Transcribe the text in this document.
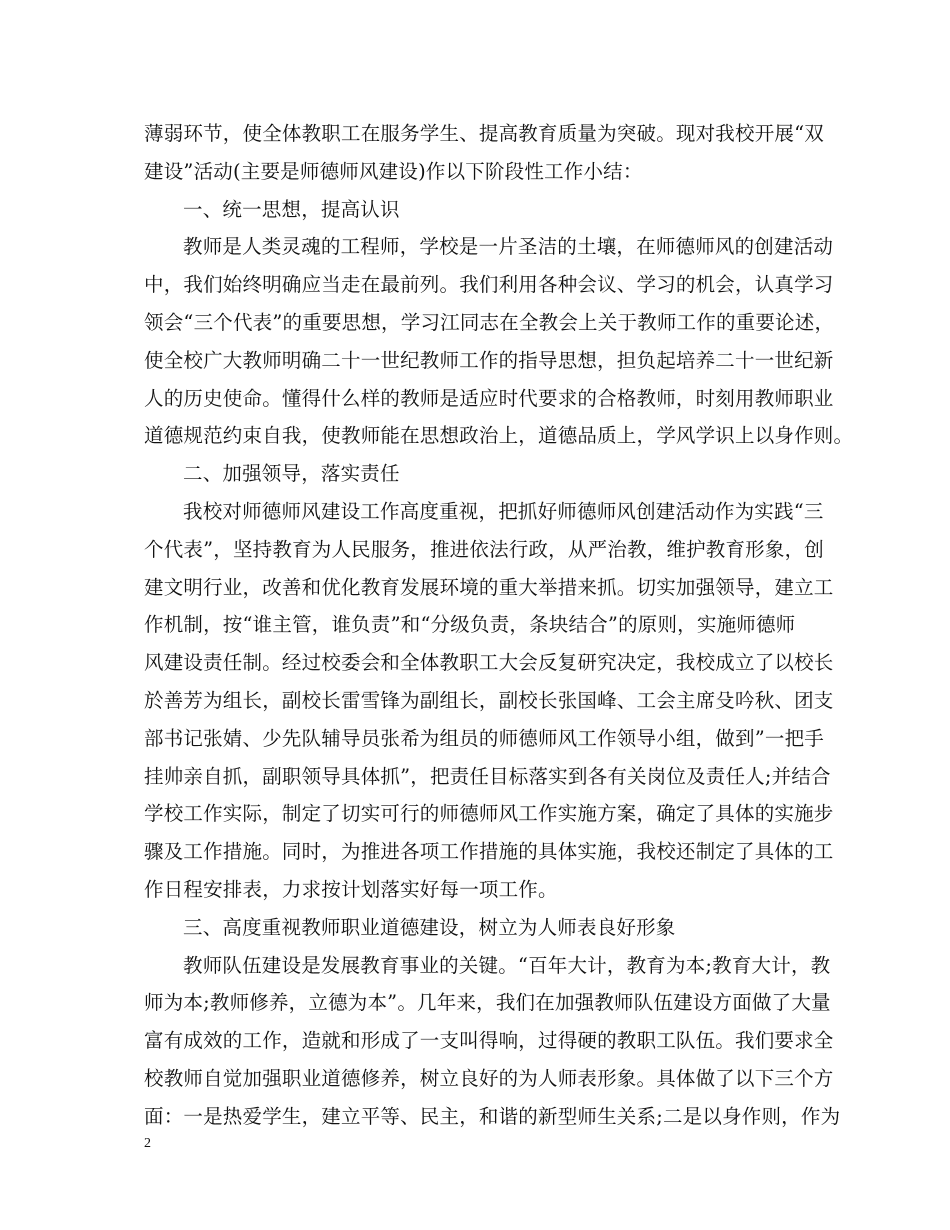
薄弱环节，使全体教职工在服务学生、提高教育质量为突破。现对我校开展“双
建设”活动(主要是师德师风建设)作以下阶段性工作小结：
一、统一思想，提高认识
教师是人类灵魂的工程师，学校是一片圣洁的土壤，在师德师风的创建活动
中，我们始终明确应当走在最前列。我们利用各种会议、学习的机会，认真学习
领会“三个代表”的重要思想，学习江同志在全教会上关于教师工作的重要论述，
使全校广大教师明确二十一世纪教师工作的指导思想，担负起培养二十一世纪新
人的历史使命。懂得什么样的教师是适应时代要求的合格教师，时刻用教师职业
道德规范约束自我，使教师能在思想政治上，道德品质上，学风学识上以身作则。
二、加强领导，落实责任
我校对师德师风建设工作高度重视，把抓好师德师风创建活动作为实践“三
个代表”，坚持教育为人民服务，推进依法行政，从严治教，维护教育形象，创
建文明行业，改善和优化教育发展环境的重大举措来抓。切实加强领导，建立工
作机制，按“谁主管，谁负责”和“分级负责，条块结合”的原则，实施师德师
风建设责任制。经过校委会和全体教职工大会反复研究决定，我校成立了以校长
於善芳为组长，副校长雷雪锋为副组长，副校长张国峰、工会主席殳吟秋、团支
部书记张婧、少先队辅导员张希为组员的师德师风工作领导小组，做到”一把手
挂帅亲自抓，副职领导具体抓”，把责任目标落实到各有关岗位及责任人;并结合
学校工作实际，制定了切实可行的师德师风工作实施方案，确定了具体的实施步
骤及工作措施。同时，为推进各项工作措施的具体实施，我校还制定了具体的工
作日程安排表，力求按计划落实好每一项工作。
三、高度重视教师职业道德建设，树立为人师表良好形象
教师队伍建设是发展教育事业的关键。“百年大计，教育为本;教育大计，教
师为本;教师修养，立德为本”。几年来，我们在加强教师队伍建设方面做了大量
富有成效的工作，造就和形成了一支叫得响，过得硬的教职工队伍。我们要求全
校教师自觉加强职业道德修养，树立良好的为人师表形象。具体做了以下三个方
面：一是热爱学生，建立平等、民主，和谐的新型师生关系;二是以身作则，作为
2
